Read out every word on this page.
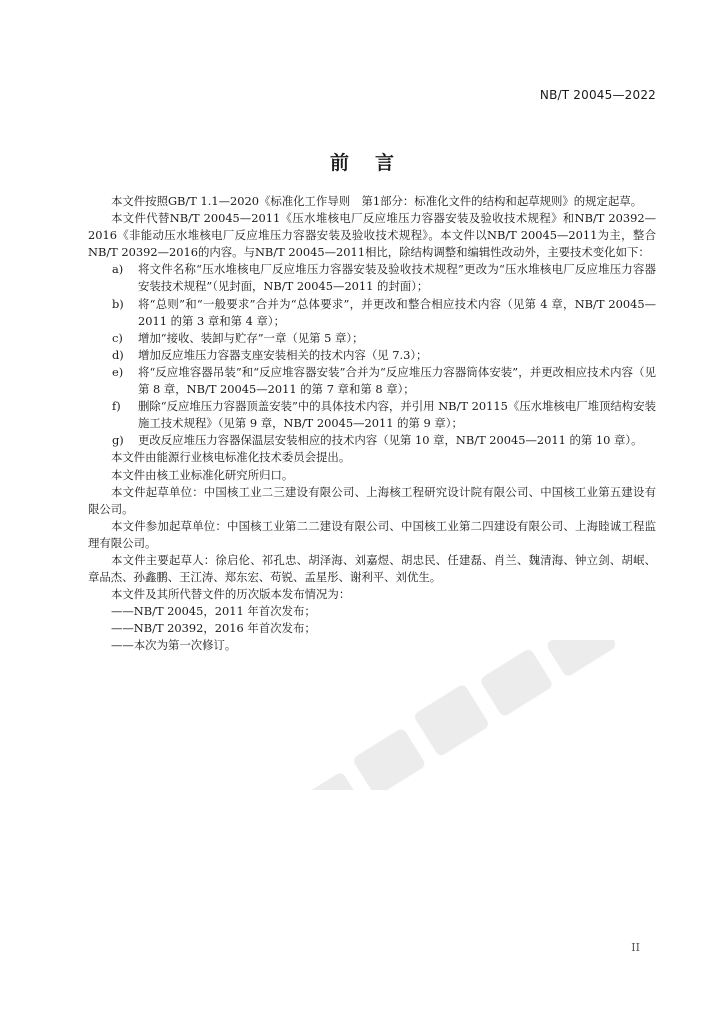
NB/T 20045—2022
前言

本文件按照GB/T 1.1—2020《标准化工作导则　第1部分：标准化文件的结构和起草规则》的规定起草。

本文件代替NB/T 20045—2011《压水堆核电厂反应堆压力容器安装及验收技术规程》和NB/T 20392—2016《非能动压水堆核电厂反应堆压力容器安装及验收技术规程》。本文件以NB/T 20045—2011为主，整合NB/T 20392—2016的内容。与NB/T 20045—2011相比，除结构调整和编辑性改动外，主要技术变化如下：

a) 将文件名称“压水堆核电厂反应堆压力容器安装及验收技术规程”更改为“压水堆核电厂反应堆压力容器安装技术规程”（见封面，NB/T 20045—2011 的封面）；

b) 将“总则”和“一般要求”合并为“总体要求”，并更改和整合相应技术内容（见第 4 章，NB/T 20045—2011 的第 3 章和第 4 章）；

c) 增加“接收、装卸与贮存”一章（见第 5 章）；

d) 增加反应堆压力容器支座安装相关的技术内容（见 7.3）；

e) 将“反应堆容器吊装”和“反应堆容器安装”合并为“反应堆压力容器筒体安装”，并更改相应技术内容（见第 8 章，NB/T 20045—2011 的第 7 章和第 8 章）；

f) 删除“反应堆压力容器顶盖安装”中的具体技术内容，并引用 NB/T 20115《压水堆核电厂堆顶结构安装施工技术规程》（见第 9 章，NB/T 20045—2011 的第 9 章）；

g) 更改反应堆压力容器保温层安装相应的技术内容（见第 10 章，NB/T 20045—2011 的第 10 章）。

本文件由能源行业核电标准化技术委员会提出。

本文件由核工业标准化研究所归口。

本文件起草单位：中国核工业二三建设有限公司、上海核工程研究设计院有限公司、中国核工业第五建设有限公司。

本文件参加起草单位：中国核工业第二二建设有限公司、中国核工业第二四建设有限公司、上海睦诚工程监理有限公司。

本文件主要起草人：徐启伦、祁孔忠、胡泽海、刘嘉煜、胡忠民、任建磊、肖兰、魏清海、钟立剑、胡岷、章品杰、孙鑫鹏、王江涛、郑东宏、苟锐、孟星彤、谢利平、刘优生。

本文件及其所代替文件的历次版本发布情况为：

——NB/T 20045，2011 年首次发布；

——NB/T 20392，2016 年首次发布；

——本次为第一次修订。

II
